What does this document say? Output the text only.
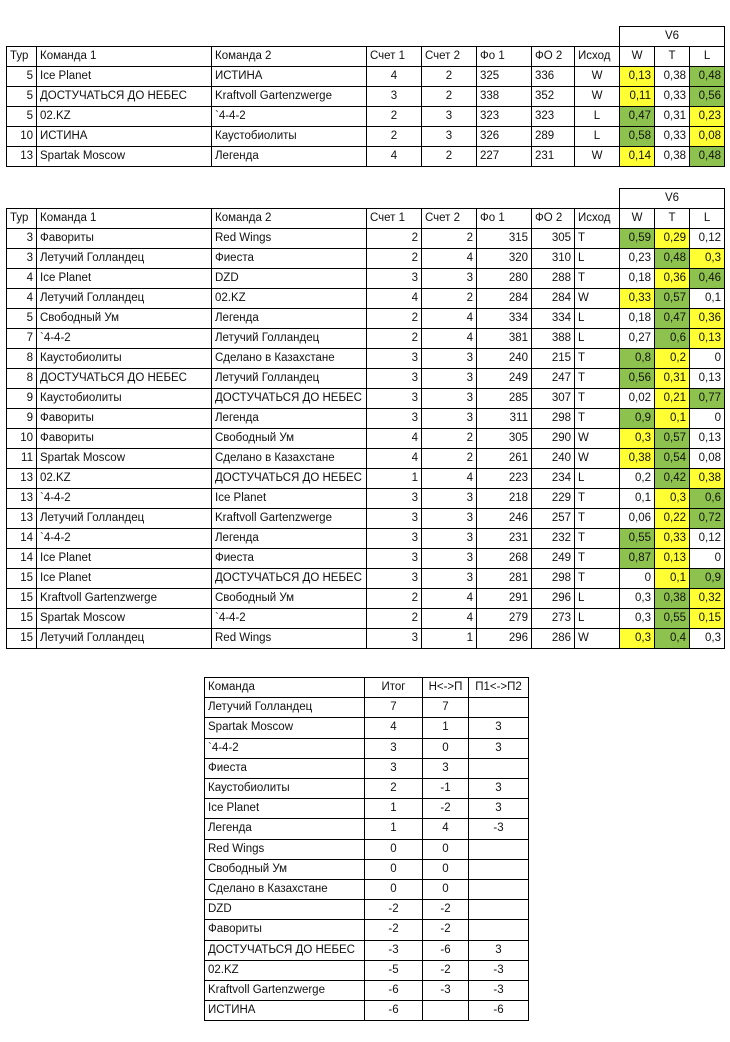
								V6		
Тур	Команда 1	Команда 2	Счет 1	Счет 2	Фо 1	ФО 2	Исход	W	T	L
5	Ice Planet	ИСТИНА	4	2	325	336	W	0,13	0,38	0,48
5	ДОСТУЧАТЬСЯ ДО НЕБЕС	Kraftvoll Gartenzwerge	3	2	338	352	W	0,11	0,33	0,56
5	02.KZ	`4-4-2	2	3	323	323	L	0,47	0,31	0,23
10	ИСТИНА	Каустобиолиты	2	3	326	289	L	0,58	0,33	0,08
13	Spartak Moscow	Легенда	4	2	227	231	W	0,14	0,38	0,48
								V6		
Тур	Команда 1	Команда 2	Счет 1	Счет 2	Фо 1	ФО 2	Исход	W	T	L
3	Фавориты	Red Wings	2	2	315	305	T	0,59	0,29	0,12
3	Летучий Голландец	Фиеста	2	4	320	310	L	0,23	0,48	0,3
4	Ice Planet	DZD	3	3	280	288	T	0,18	0,36	0,46
4	Летучий Голландец	02.KZ	4	2	284	284	W	0,33	0,57	0,1
5	Свободный Ум	Легенда	2	4	334	334	L	0,18	0,47	0,36
7	`4-4-2	Летучий Голландец	2	4	381	388	L	0,27	0,6	0,13
8	Каустобиолиты	Сделано в Казахстане	3	3	240	215	T	0,8	0,2	0
8	ДОСТУЧАТЬСЯ ДО НЕБЕС	Летучий Голландец	3	3	249	247	T	0,56	0,31	0,13
9	Каустобиолиты	ДОСТУЧАТЬСЯ ДО НЕБЕС	3	3	285	307	T	0,02	0,21	0,77
9	Фавориты	Легенда	3	3	311	298	T	0,9	0,1	0
10	Фавориты	Свободный Ум	4	2	305	290	W	0,3	0,57	0,13
11	Spartak Moscow	Сделано в Казахстане	4	2	261	240	W	0,38	0,54	0,08
13	02.KZ	ДОСТУЧАТЬСЯ ДО НЕБЕС	1	4	223	234	L	0,2	0,42	0,38
13	`4-4-2	Ice Planet	3	3	218	229	T	0,1	0,3	0,6
13	Летучий Голландец	Kraftvoll Gartenzwerge	3	3	246	257	T	0,06	0,22	0,72
14	`4-4-2	Легенда	3	3	231	232	T	0,55	0,33	0,12
14	Ice Planet	Фиеста	3	3	268	249	T	0,87	0,13	0
15	Ice Planet	ДОСТУЧАТЬСЯ ДО НЕБЕС	3	3	281	298	T	0	0,1	0,9
15	Kraftvoll Gartenzwerge	Свободный Ум	2	4	291	296	L	0,3	0,38	0,32
15	Spartak Moscow	`4-4-2	2	4	279	273	L	0,3	0,55	0,15
15	Летучий Голландец	Red Wings	3	1	296	286	W	0,3	0,4	0,3
Команда	Итог	Н<->П	П1<->П2
Летучий Голландец	7	7	
Spartak Moscow	4	1	3
`4-4-2	3	0	3
Фиеста	3	3	
Каустобиолиты	2	-1	3
Ice Planet	1	-2	3
Легенда	1	4	-3
Red Wings	0	0	
Свободный Ум	0	0	
Сделано в Казахстане	0	0	
DZD	-2	-2	
Фавориты	-2	-2	
ДОСТУЧАТЬСЯ ДО НЕБЕС	-3	-6	3
02.KZ	-5	-2	-3
Kraftvoll Gartenzwerge	-6	-3	-3
ИСТИНА	-6		-6
